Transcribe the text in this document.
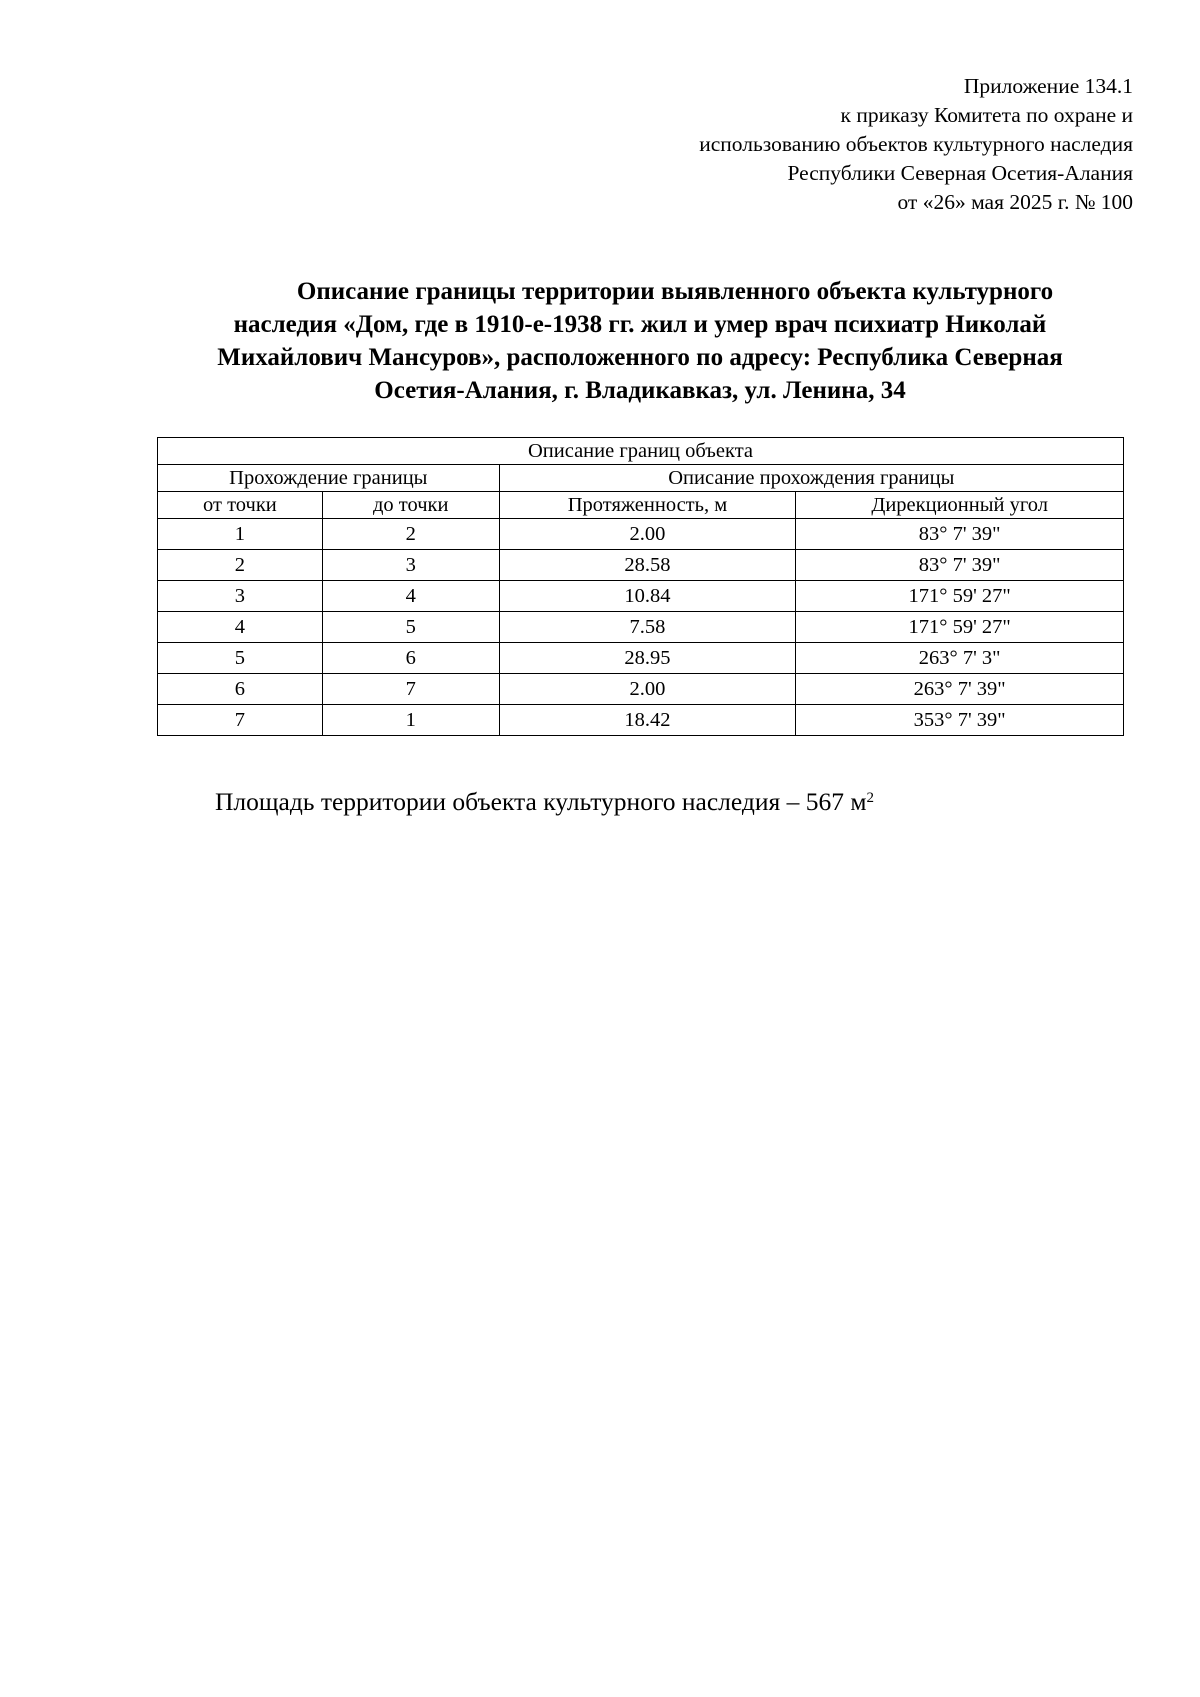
Приложение 134.1
к приказу Комитета по охране и
использованию объектов культурного наследия
Республики Северная Осетия-Алания
от «26» мая 2025 г. № 100
Описание границы территории выявленного объекта культурного
наследия «Дом, где в 1910-е-1938 гг. жил и умер врач психиатр Николай
Михайлович Мансуров», расположенного по адресу: Республика Северная
Осетия-Алания, г. Владикавказ, ул. Ленина, 34
Описание границ объекта			
Прохождение границы		Описание прохождения границы	
от точки	до точки	Протяженность, м	Дирекционный угол
1	2	2.00	83° 7' 39"
2	3	28.58	83° 7' 39"
3	4	10.84	171° 59' 27"
4	5	7.58	171° 59' 27"
5	6	28.95	263° 7' 3"
6	7	2.00	263° 7' 39"
7	1	18.42	353° 7' 39"
Площадь территории объекта культурного наследия – 567 $м^2$
